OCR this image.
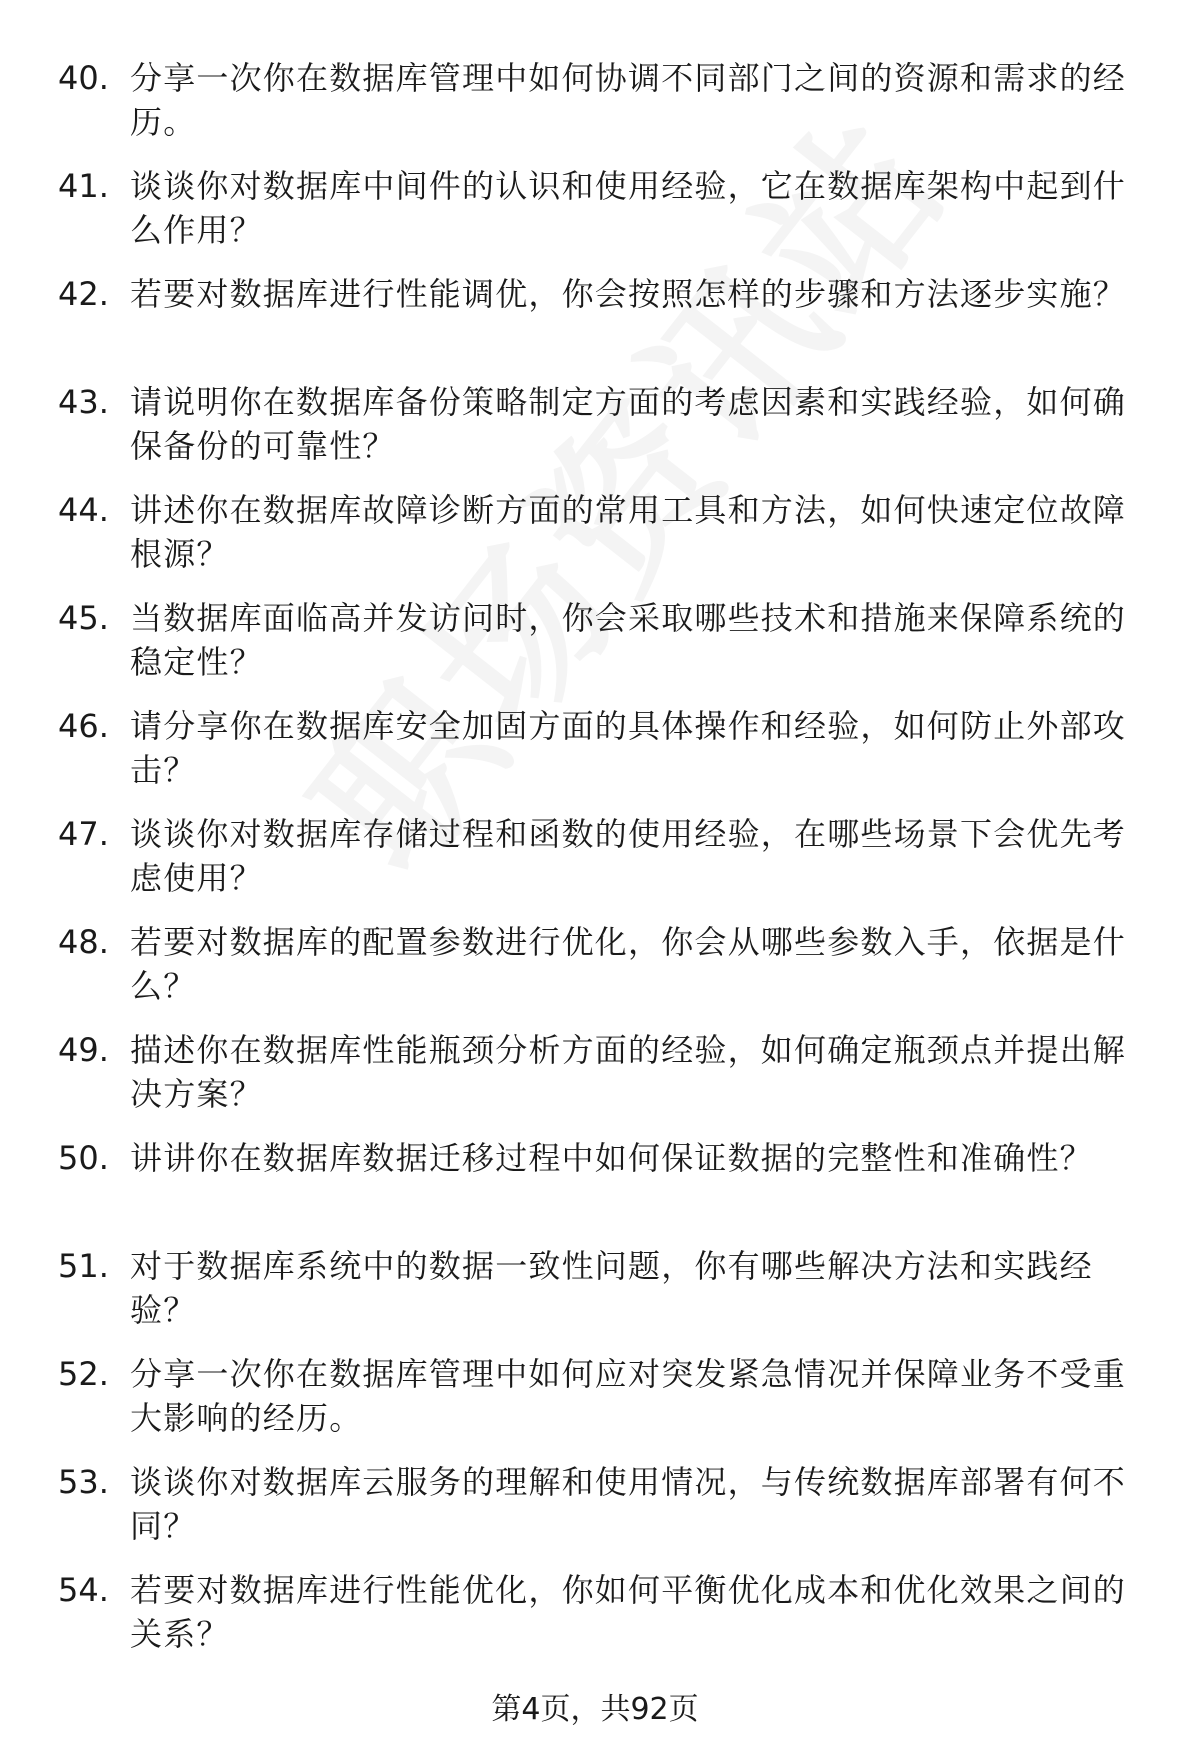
40. 分享一次你在数据库管理中如何协调不同部门之间的资源和需求的经历。
41. 谈谈你对数据库中间件的认识和使用经验，它在数据库架构中起到什么作用？
42. 若要对数据库进行性能调优，你会按照怎样的步骤和方法逐步实施？
43. 请说明你在数据库备份策略制定方面的考虑因素和实践经验，如何确保备份的可靠性？
44. 讲述你在数据库故障诊断方面的常用工具和方法，如何快速定位故障根源？
45. 当数据库面临高并发访问时，你会采取哪些技术和措施来保障系统的稳定性？
46. 请分享你在数据库安全加固方面的具体操作和经验，如何防止外部攻击？
47. 谈谈你对数据库存储过程和函数的使用经验，在哪些场景下会优先考虑使用？
48. 若要对数据库的配置参数进行优化，你会从哪些参数入手，依据是什么？
49. 描述你在数据库性能瓶颈分析方面的经验，如何确定瓶颈点并提出解决方案？
50. 讲讲你在数据库数据迁移过程中如何保证数据的完整性和准确性？
51. 对于数据库系统中的数据一致性问题，你有哪些解决方法和实践经验？
52. 分享一次你在数据库管理中如何应对突发紧急情况并保障业务不受重大影响的经历。
53. 谈谈你对数据库云服务的理解和使用情况，与传统数据库部署有何不同？
54. 若要对数据库进行性能优化，你如何平衡优化成本和优化效果之间的关系？
第4页，共92页
